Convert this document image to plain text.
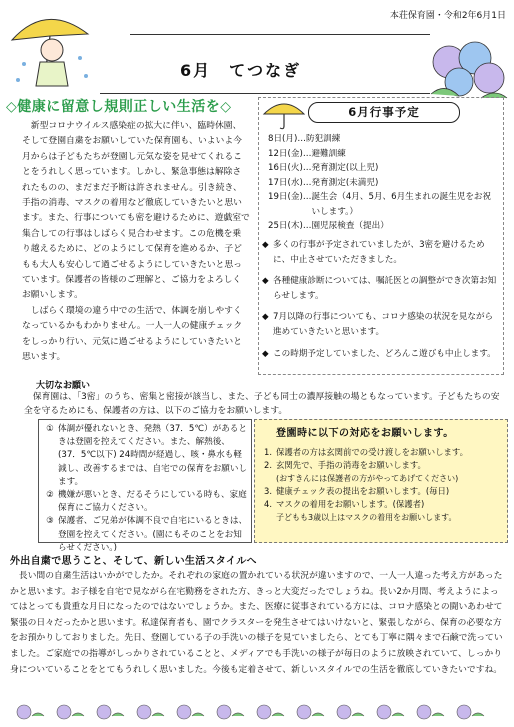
本荘保育園・令和2年6月1日
6月　てつなぎ
◇健康に留意し規則正しい生活を◇

新型コロナウイルス感染症の拡大に伴い、臨時休園、そして登園自粛をお願いしていた保育園も、いよいよ今月からは子どもたちが登園し元気な姿を見せてくれることをうれしく思っています。しかし、緊急事態は解除されたものの、まだまだ予断は許されません。引き続き、手指の消毒、マスクの着用など徹底していきたいと思います。また、行事についても密を避けるために、遊戯室で集合しての行事はしばらく見合わせます。この危機を乗り越えるために、どのようにして保育を進めるか、子どもも大人も安心して過ごせるようにしていきたいと思っています。保護者の皆様のご理解と、ご協力をよろしくお願いします。

しばらく環境の違う中での生活で、体調を崩しやすくなっているかもわかりません。一人一人の健康チェックをしっかり行い、元気に過ごせるようにしていきたいと思います。

6月行事予定
8日(月)… 防犯訓練
12日(金)… 避難訓練
16日(火)… 発育測定(以上児)
17日(水)… 発育測定(未満児)
19日(金)… 誕生会（4月、5月、6月生まれの誕生児をお祝いします。）
25日(木)… 園児尿検査（提出）
◆ 多くの行事が予定されていましたが、3密を避けるために、中止させていただきました。
◆ 各種健康診断については、嘱託医との調整ができ次第お知らせします。
◆ 7月以降の行事についても、コロナ感染の状況を見ながら進めていきたいと思います。
◆ この時期予定していました、どろんこ遊びも中止します。
大切なお願い

保育園は、「3密」のうち、密集と密接が該当し、また、子ども同士の濃厚接触の場ともなっています。子どもたちの安全を守るためにも、保護者の方は、以下のご協力をお願いします。

① 体調が優れないとき、発熱（37．5℃）があるときは登園を控えてください。また、解熱後、(37．5℃以下) 24時間が経過し、咳・鼻水も軽減し、改善するまでは、自宅での保育をお願いします。
② 機嫌が悪いとき、だるそうにしている時も、家庭保育にご協力ください。
③ 保護者、ご兄弟が体調不良で自宅にいるときは、登園を控えてください。(園にもそのことをお知らせください。)
登園時に以下の対応をお願いします。
1. 保護者の方は玄関前での受け渡しをお願いします。
2. 玄関先で、手指の消毒をお願いします。
(おすきんには保護者の方がやってあげてください)
3. 健康チェック表の提出をお願いします。(毎日)
4. マスクの着用をお願いします。(保護者)
子どもも3歳以上はマスクの着用をお願いします。
外出自粛で思うこと、そして、新しい生活スタイルへ

長い間の自粛生活はいかがでしたか。それぞれの家庭の置かれている状況が違いますので、一人一人違った考え方があったかと思います。お子様を自宅で見ながら在宅勤務をされた方、きっと大変だったでしょうね。長い2か月間、考えようによってはとっても貴重な月日になったのではないでしょうか。また、医療に従事されている方には、コロナ感染との闘いあわせて緊張の日々だったかと思います。私達保育者も、園でクラスターを発生させてはいけないと、緊張しながら、保育の必要な方をお預かりしておりました。先日、登園している子の手洗いの様子を見ていましたら、とても丁寧に隅々まで石鹸で洗っていました。ご家庭での指導がしっかりされていることと、メディアでも手洗いの様子が毎日のように放映されていて、しっかり身についていることをとてもうれしく思いました。今後も定着させて、新しいスタイルでの生活を徹底していきたいですね。
